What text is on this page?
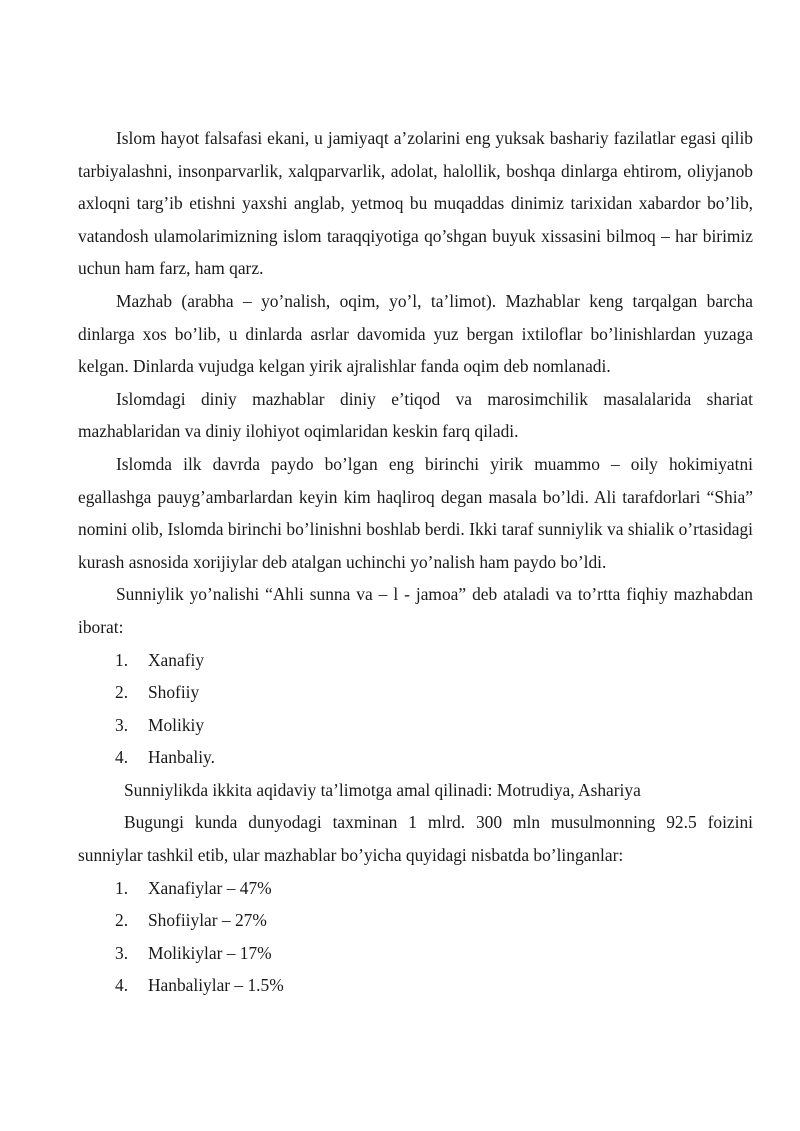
Islom hayot falsafasi ekani, u jamiyaqt a’zolarini eng yuksak bashariy fazilatlar egasi qilib tarbiyalashni, insonparvarlik, xalqparvarlik, adolat, halollik, boshqa dinlarga ehtirom, oliyjanob axloqni targ’ib etishni yaxshi anglab, yetmoq bu muqaddas dinimiz tarixidan xabardor bo’lib, vatandosh ulamolarimizning islom taraqqiyotiga qo’shgan buyuk xissasini bilmoq – har birimiz uchun ham farz, ham qarz.

Mazhab (arabha – yo’nalish, oqim, yo’l, ta’limot). Mazhablar keng tarqalgan barcha dinlarga xos bo’lib, u dinlarda asrlar davomida yuz bergan ixtiloflar bo’linishlardan yuzaga kelgan. Dinlarda vujudga kelgan yirik ajralishlar fanda oqim deb nomlanadi.

Islomdagi diniy mazhablar diniy e’tiqod va marosimchilik masalalarida shariat mazhablaridan va diniy ilohiyot oqimlaridan keskin farq qiladi.

Islomda ilk davrda paydo bo’lgan eng birinchi yirik muammo – oily hokimiyatni egallashga pauyg’ambarlardan keyin kim haqliroq degan masala bo’ldi. Ali tarafdorlari “Shia” nomini olib, Islomda birinchi bo’linishni boshlab berdi. Ikki taraf sunniylik va shialik o’rtasidagi kurash asnosida xorijiylar deb atalgan uchinchi yo’nalish ham paydo bo’ldi.

Sunniylik yo’nalishi “Ahli sunna va – l - jamoa” deb ataladi va to’rtta fiqhiy mazhabdan iborat:

1.	Xanafiy
2.	Shofiiy
3.	Molikiy
4.	Hanbaliy.

Sunniylikda ikkita aqidaviy ta’limotga amal qilinadi: Motrudiya, Ashariya

Bugungi kunda dunyodagi taxminan 1 mlrd. 300 mln musulmonning 92.5 foizini sunniylar tashkil etib, ular mazhablar bo’yicha quyidagi nisbatda bo’linganlar:

1.	Xanafiylar – 47%
2.	Shofiiylar – 27%
3.	Molikiylar – 17%
4.	Hanbaliylar – 1.5%
